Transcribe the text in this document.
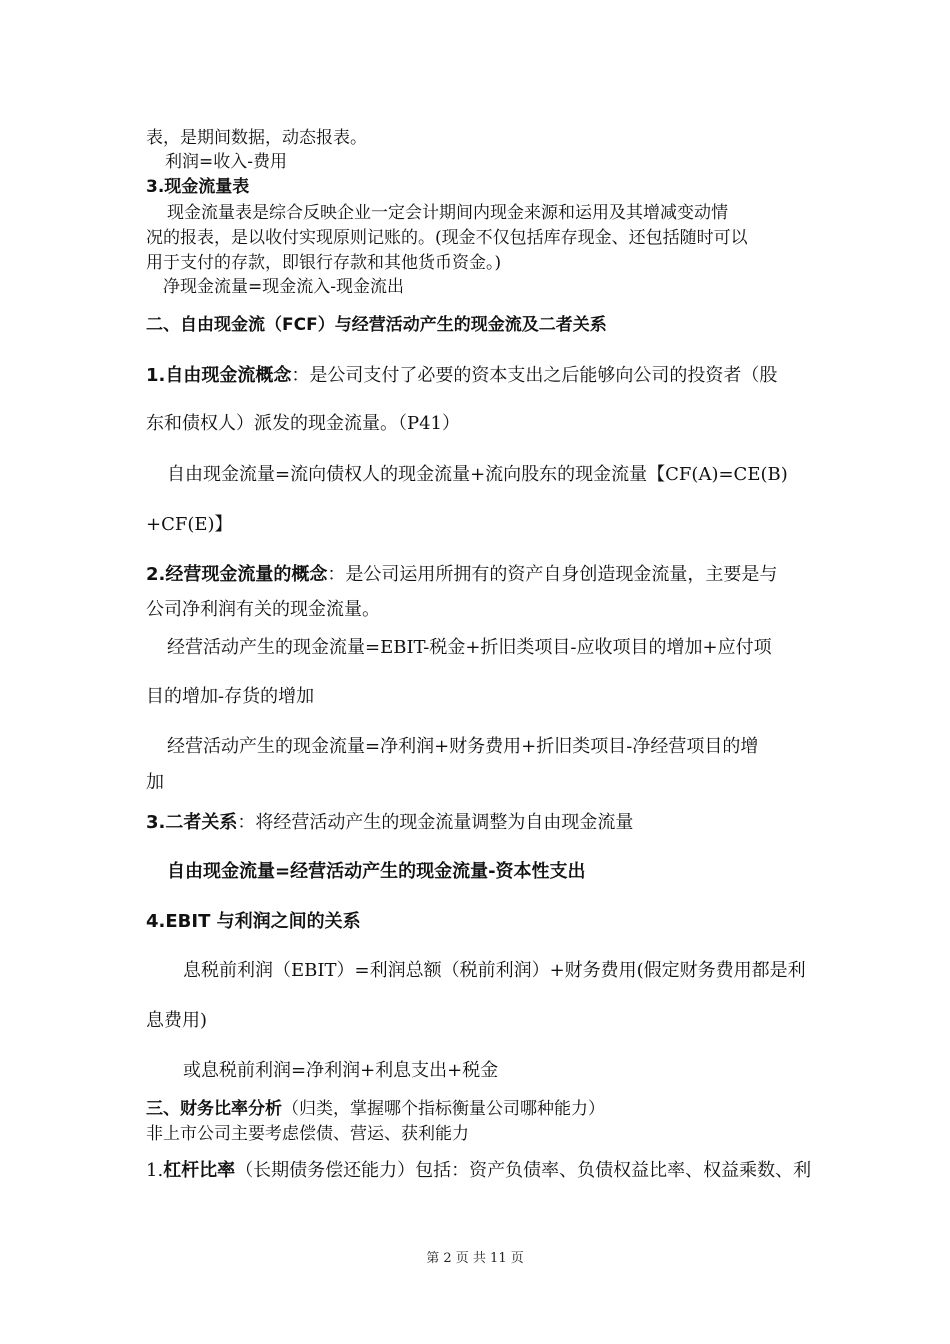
表，是期间数据，动态报表。
利润=收入-费用
3.现金流量表
现金流量表是综合反映企业一定会计期间内现金来源和运用及其增减变动情
况的报表，是以收付实现原则记账的。(现金不仅包括库存现金、还包括随时可以
用于支付的存款，即银行存款和其他货币资金。)
净现金流量=现金流入-现金流出
二、自由现金流（FCF）与经营活动产生的现金流及二者关系
1.自由现金流概念：是公司支付了必要的资本支出之后能够向公司的投资者（股
东和债权人）派发的现金流量。（P41）
自由现金流量=流向债权人的现金流量+流向股东的现金流量【CF(A)=CE(B)
+CF(E)】
2.经营现金流量的概念：是公司运用所拥有的资产自身创造现金流量，主要是与
公司净利润有关的现金流量。
经营活动产生的现金流量=EBIT-税金+折旧类项目-应收项目的增加+应付项
目的增加-存货的增加
经营活动产生的现金流量=净利润+财务费用+折旧类项目-净经营项目的增
加
3.二者关系：将经营活动产生的现金流量调整为自由现金流量
自由现金流量=经营活动产生的现金流量-资本性支出
4.EBIT 与利润之间的关系
息税前利润（EBIT）=利润总额（税前利润）+财务费用(假定财务费用都是利
息费用)
或息税前利润=净利润+利息支出+税金
三、财务比率分析（归类，掌握哪个指标衡量公司哪种能力）
非上市公司主要考虑偿债、营运、获利能力
1.杠杆比率（长期债务偿还能力）包括：资产负债率、负债权益比率、权益乘数、利
第 2 页 共 11 页
